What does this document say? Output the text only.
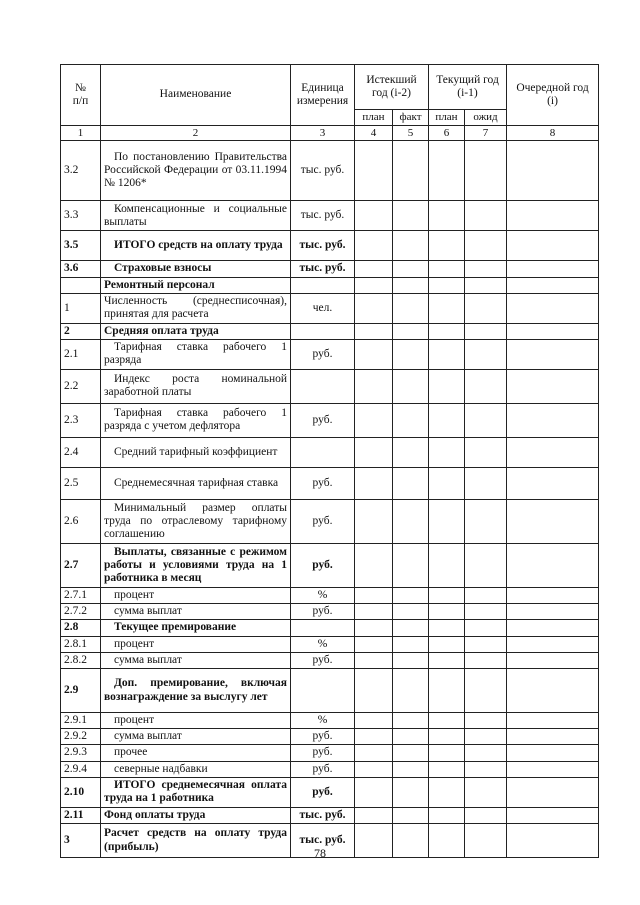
№
п/п	Наименование	Единица измерения	Истекший год (i-2)		Текущий год (i-1)		Очередной год (i)
			план	факт	план	ожид	
1	2	3	4	5	6	7	8
3.2	По постановлению Правительства Российской Федерации от 03.11.1994 № 1206*	тыс. руб.					
3.3	Компенсационные и социальные выплаты	тыс. руб.					
3.5	ИТОГО средств на оплату труда	тыс. руб.					
3.6	Страховые взносы	тыс. руб.					
	Ремонтный персонал						
1	Численность (среднесписочная), принятая для расчета	чел.					
2	Средняя оплата труда						
2.1	Тарифная ставка рабочего 1 разряда	руб.					
2.2	Индекс роста номинальной заработной платы						
2.3	Тарифная ставка рабочего 1 разряда с учетом дефлятора	руб.					
2.4	Средний тарифный коэффициент						
2.5	Среднемесячная тарифная ставка	руб.					
2.6	Минимальный размер оплаты труда по отраслевому тарифному соглашению	руб.					
2.7	Выплаты, связанные с режимом работы и условиями труда на 1 работника в месяц	руб.					
2.7.1	процент	%					
2.7.2	сумма выплат	руб.					
2.8	Текущее премирование						
2.8.1	процент	%					
2.8.2	сумма выплат	руб.					
2.9	Доп. премирование, включая вознаграждение за выслугу лет						
2.9.1	процент	%					
2.9.2	сумма выплат	руб.					
2.9.3	прочее	руб.					
2.9.4	северные надбавки	руб.					
2.10	ИТОГО среднемесячная оплата труда на 1 работника	руб.					
2.11	Фонд оплаты труда	тыс. руб.					
3	Расчет средств на оплату труда (прибыль)	тыс. руб.					
78
